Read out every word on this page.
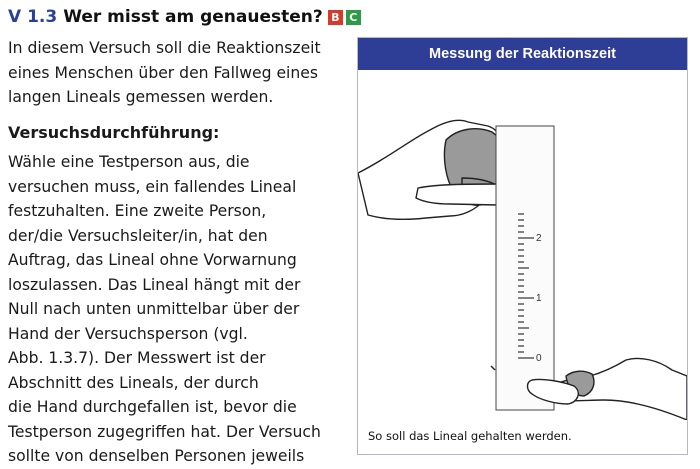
V 1.3 Wer misst am genauesten? B C

In diesem Versuch soll die Reaktionszeit
eines Menschen über den Fallweg eines
langen Lineals gemessen werden.

Versuchsdurchführung:

Wähle eine Testperson aus, die
versuchen muss, ein fallendes Lineal
festzuhalten. Eine zweite Person,
der/die Versuchsleiter/in, hat den
Auftrag, das Lineal ohne Vorwarnung
loszulassen. Das Lineal hängt mit der
Null nach unten unmittelbar über der
Hand der Versuchsperson (vgl.
Abb. 1.3.7). Der Messwert ist der
Abschnitt des Lineals, der durch
die Hand durchgefallen ist, bevor die
Testperson zugegriffen hat. Der Versuch
sollte von denselben Personen jeweils

Messung der Reaktionszeit
2
1
0
So soll das Lineal gehalten werden.
